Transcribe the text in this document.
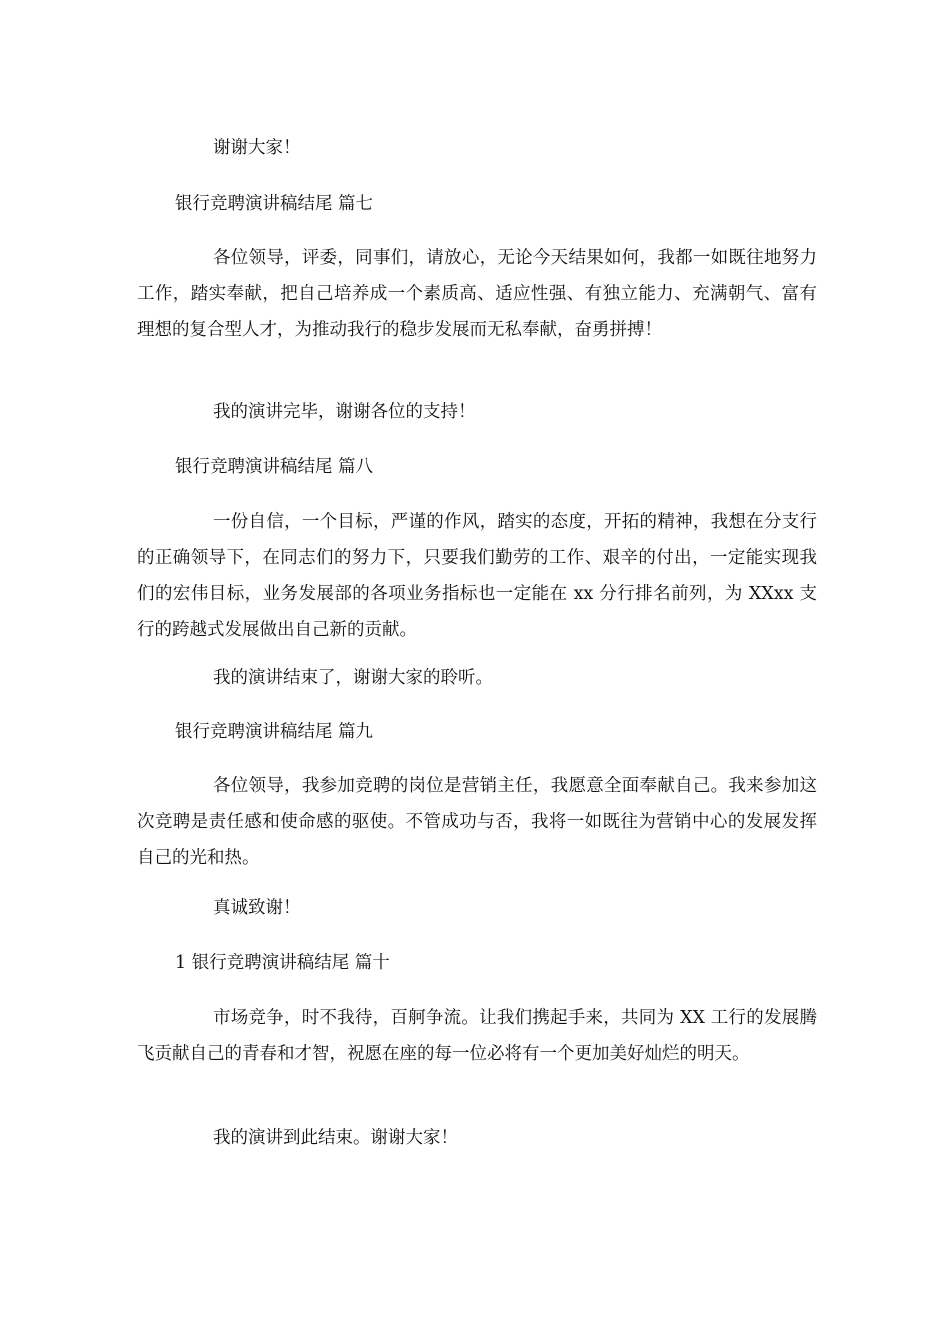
谢谢大家！

银行竞聘演讲稿结尾 篇七

各位领导，评委，同事们，请放心，无论今天结果如何，我都一如既往地努力工作，踏实奉献，把自己培养成一个素质高、适应性强、有独立能力、充满朝气、富有理想的复合型人才，为推动我行的稳步发展而无私奉献，奋勇拼搏！

我的演讲完毕，谢谢各位的支持！

银行竞聘演讲稿结尾 篇八

一份自信，一个目标，严谨的作风，踏实的态度，开拓的精神，我想在分支行的正确领导下，在同志们的努力下，只要我们勤劳的工作、艰辛的付出，一定能实现我们的宏伟目标，业务发展部的各项业务指标也一定能在 xx 分行排名前列，为 XXxx 支行的跨越式发展做出自己新的贡献。

我的演讲结束了，谢谢大家的聆听。

银行竞聘演讲稿结尾 篇九

各位领导，我参加竞聘的岗位是营销主任，我愿意全面奉献自己。我来参加这次竞聘是责任感和使命感的驱使。不管成功与否，我将一如既往为营销中心的发展发挥自己的光和热。

真诚致谢！

1 银行竞聘演讲稿结尾 篇十

市场竞争，时不我待，百舸争流。让我们携起手来，共同为 XX 工行的发展腾飞贡献自己的青春和才智，祝愿在座的每一位必将有一个更加美好灿烂的明天。

我的演讲到此结束。谢谢大家！
